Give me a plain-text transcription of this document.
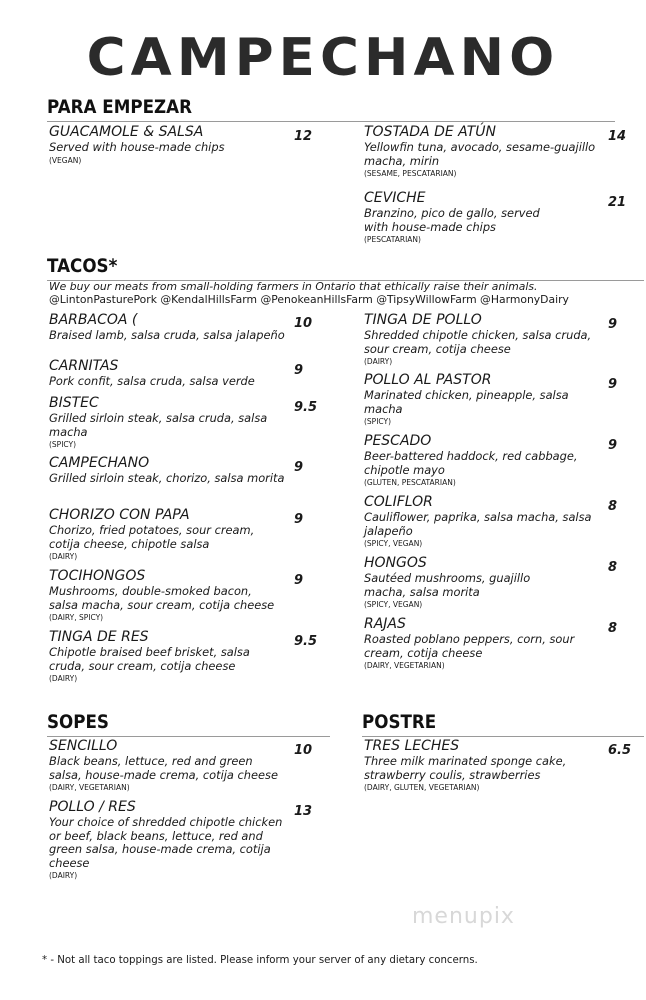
CAMPECHANO
PARA EMPEZAR
GUACAMOLE & SALSA
Served with house-made chips
(VEGAN)
12	TOSTADA DE ATÚN
Yellowfin tuna, avocado, sesame-guajillo macha, mirin
(SESAME, PESCATARIAN)
14
CEVICHE
Branzino, pico de gallo, served with house-made chips
(PESCATARIAN)
21
TACOS*
We buy our meats from small-holding farmers in Ontario that ethically raise their animals.
@LintonPasturePork @KendalHillsFarm @PenokeanHillsFarm @TipsyWillowFarm @HarmonyDairy
BARBACOA (
Braised lamb, salsa cruda, salsa jalapeño
10
CARNITAS
Pork confit, salsa cruda, salsa verde
9
BISTEC
Grilled sirloin steak, salsa cruda, salsa macha
(SPICY)
9.5
CAMPECHANO
Grilled sirloin steak, chorizo, salsa morita
9
CHORIZO CON PAPA
Chorizo, fried potatoes, sour cream, cotija cheese, chipotle salsa
(DAIRY)
9
TOCIHONGOS
Mushrooms, double-smoked bacon, salsa macha, sour cream, cotija cheese
(DAIRY, SPICY)
9
TINGA DE RES
Chipotle braised beef brisket, salsa cruda, sour cream, cotija cheese
(DAIRY)
9.5
TINGA DE POLLO
Shredded chipotle chicken, salsa cruda, sour cream, cotija cheese
(DAIRY)
9
POLLO AL PASTOR
Marinated chicken, pineapple, salsa macha
(SPICY)
9
PESCADO
Beer-battered haddock, red cabbage, chipotle mayo
(GLUTEN, PESCATARIAN)
9
COLIFLOR
Cauliflower, paprika, salsa macha, salsa jalapeño
(SPICY, VEGAN)
8
HONGOS
Sautéed mushrooms, guajillo macha, salsa morita
(SPICY, VEGAN)
8
RAJAS
Roasted poblano peppers, corn, sour cream, cotija cheese
(DAIRY, VEGETARIAN)
8
SOPES
SENCILLO
Black beans, lettuce, red and green salsa, house-made crema, cotija cheese
(DAIRY, VEGETARIAN)
10
POLLO / RES
Your choice of shredded chipotle chicken or beef, black beans, lettuce, red and green salsa, house-made crema, cotija cheese
(DAIRY)
13
POSTRE
TRES LECHES
Three milk marinated sponge cake, strawberry coulis, strawberries
(DAIRY, GLUTEN, VEGETARIAN)
6.5
menupix
* - Not all taco toppings are listed. Please inform your server of any dietary concerns.
